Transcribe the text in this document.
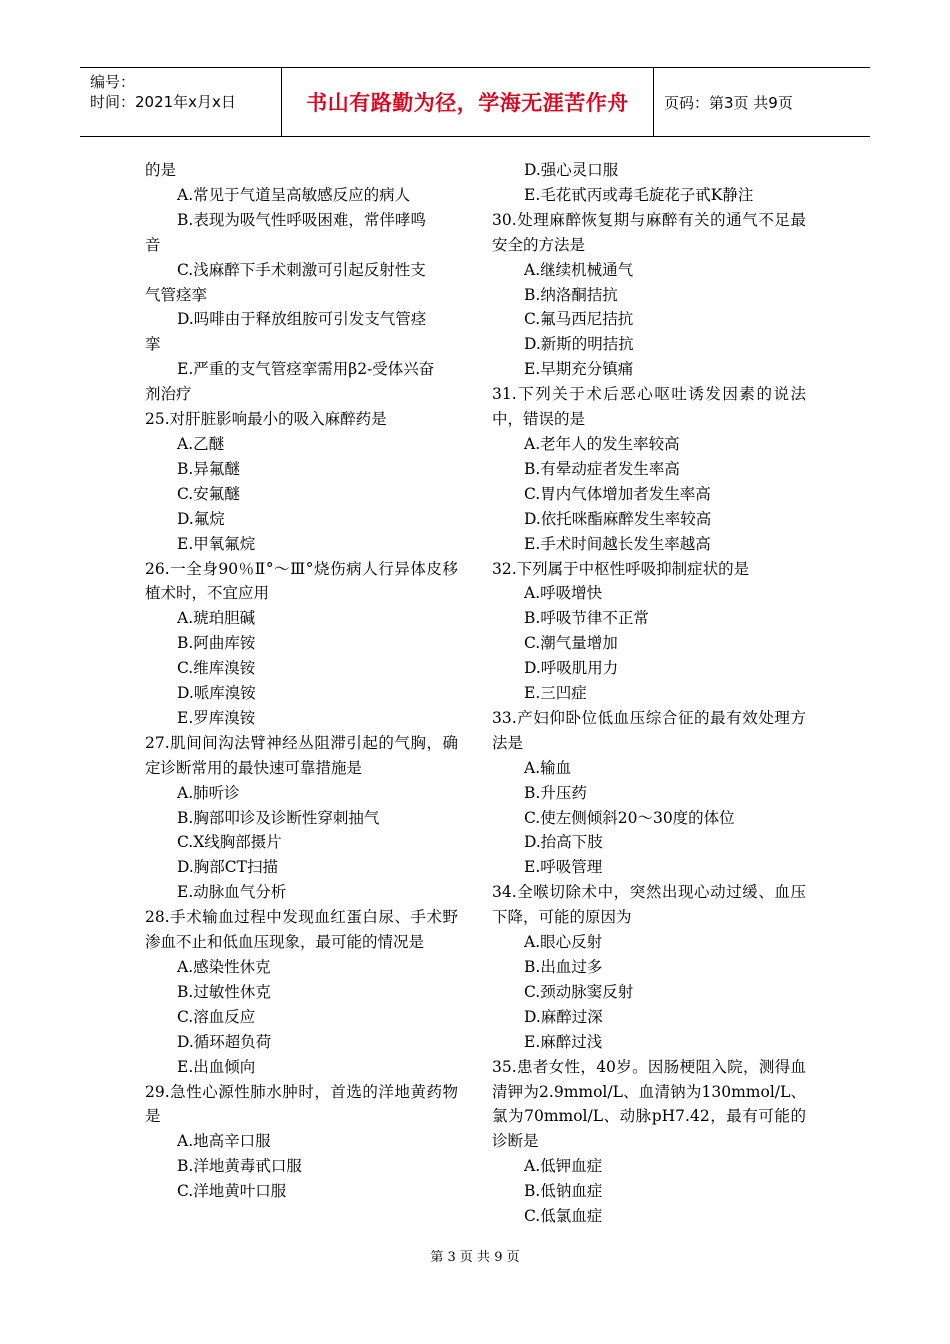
编号：
时间：2021年x月x日	书山有路勤为径，学海无涯苦作舟	页码：第3页 共9页

的是

A.常见于气道呈高敏感反应的病人

B.表现为吸气性呼吸困难，常伴哮鸣

音

C.浅麻醉下手术刺激可引起反射性支

气管痉挛

D.吗啡由于释放组胺可引发支气管痉

挛

E.严重的支气管痉挛需用β2-受体兴奋

剂治疗

25.对肝脏影响最小的吸入麻醉药是

A.乙醚

B.异氟醚

C.安氟醚

D.氟烷

E.甲氧氟烷

26.一全身90％Ⅱ°～Ⅲ°烧伤病人行异体皮移植术时，不宜应用

A.琥珀胆碱

B.阿曲库铵

C.维库溴铵

D.哌库溴铵

E.罗库溴铵

27.肌间间沟法臂神经丛阻滞引起的气胸，确定诊断常用的最快速可靠措施是

A.肺听诊

B.胸部叩诊及诊断性穿刺抽气

C.X线胸部摄片

D.胸部CT扫描

E.动脉血气分析

28.手术输血过程中发现血红蛋白尿、手术野渗血不止和低血压现象，最可能的情况是

A.感染性休克

B.过敏性休克

C.溶血反应

D.循环超负荷

E.出血倾向

29.急性心源性肺水肿时，首选的洋地黄药物是

A.地高辛口服

B.洋地黄毒甙口服

C.洋地黄叶口服

D.强心灵口服

E.毛花甙丙或毒毛旋花子甙K静注

30.处理麻醉恢复期与麻醉有关的通气不足最安全的方法是

A.继续机械通气

B.纳洛酮拮抗

C.氟马西尼拮抗

D.新斯的明拮抗

E.早期充分镇痛

31.下列关于术后恶心呕吐诱发因素的说法中，错误的是

A.老年人的发生率较高

B.有晕动症者发生率高

C.胃内气体增加者发生率高

D.依托咪酯麻醉发生率较高

E.手术时间越长发生率越高

32.下列属于中枢性呼吸抑制症状的是

A.呼吸增快

B.呼吸节律不正常

C.潮气量增加

D.呼吸肌用力

E.三凹症

33.产妇仰卧位低血压综合征的最有效处理方法是

A.输血

B.升压药

C.使左侧倾斜20～30度的体位

D.抬高下肢

E.呼吸管理

34.全喉切除术中，突然出现心动过缓、血压下降，可能的原因为

A.眼心反射

B.出血过多

C.颈动脉窦反射

D.麻醉过深

E.麻醉过浅

35.患者女性，40岁。因肠梗阻入院，测得血清钾为2.9mmol/L、血清钠为130mmol/L、氯为70mmol/L、动脉pH7.42，最有可能的诊断是

A.低钾血症

B.低钠血症

C.低氯血症

第 3 页 共 9 页
